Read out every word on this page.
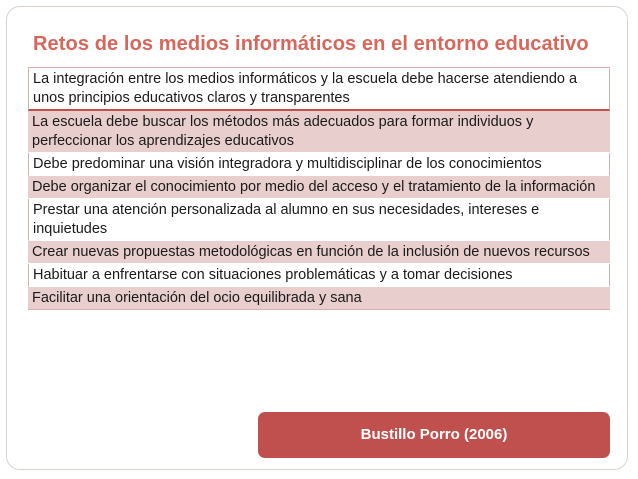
Retos de los medios informáticos en el entorno educativo
La integración entre los medios informáticos y la escuela debe hacerse atendiendo a unos principios educativos claros y transparentes
La escuela debe buscar los métodos más adecuados para formar individuos y perfeccionar los aprendizajes educativos
Debe predominar una visión integradora y multidisciplinar de los conocimientos
Debe organizar el conocimiento por medio del acceso y el tratamiento de la información
Prestar una atención personalizada al alumno en sus necesidades, intereses e inquietudes
Crear nuevas propuestas metodológicas en función de la inclusión de nuevos recursos
Habituar a enfrentarse con situaciones problemáticas y a tomar decisiones
Facilitar una orientación del ocio equilibrada y sana
Bustillo Porro (2006)
